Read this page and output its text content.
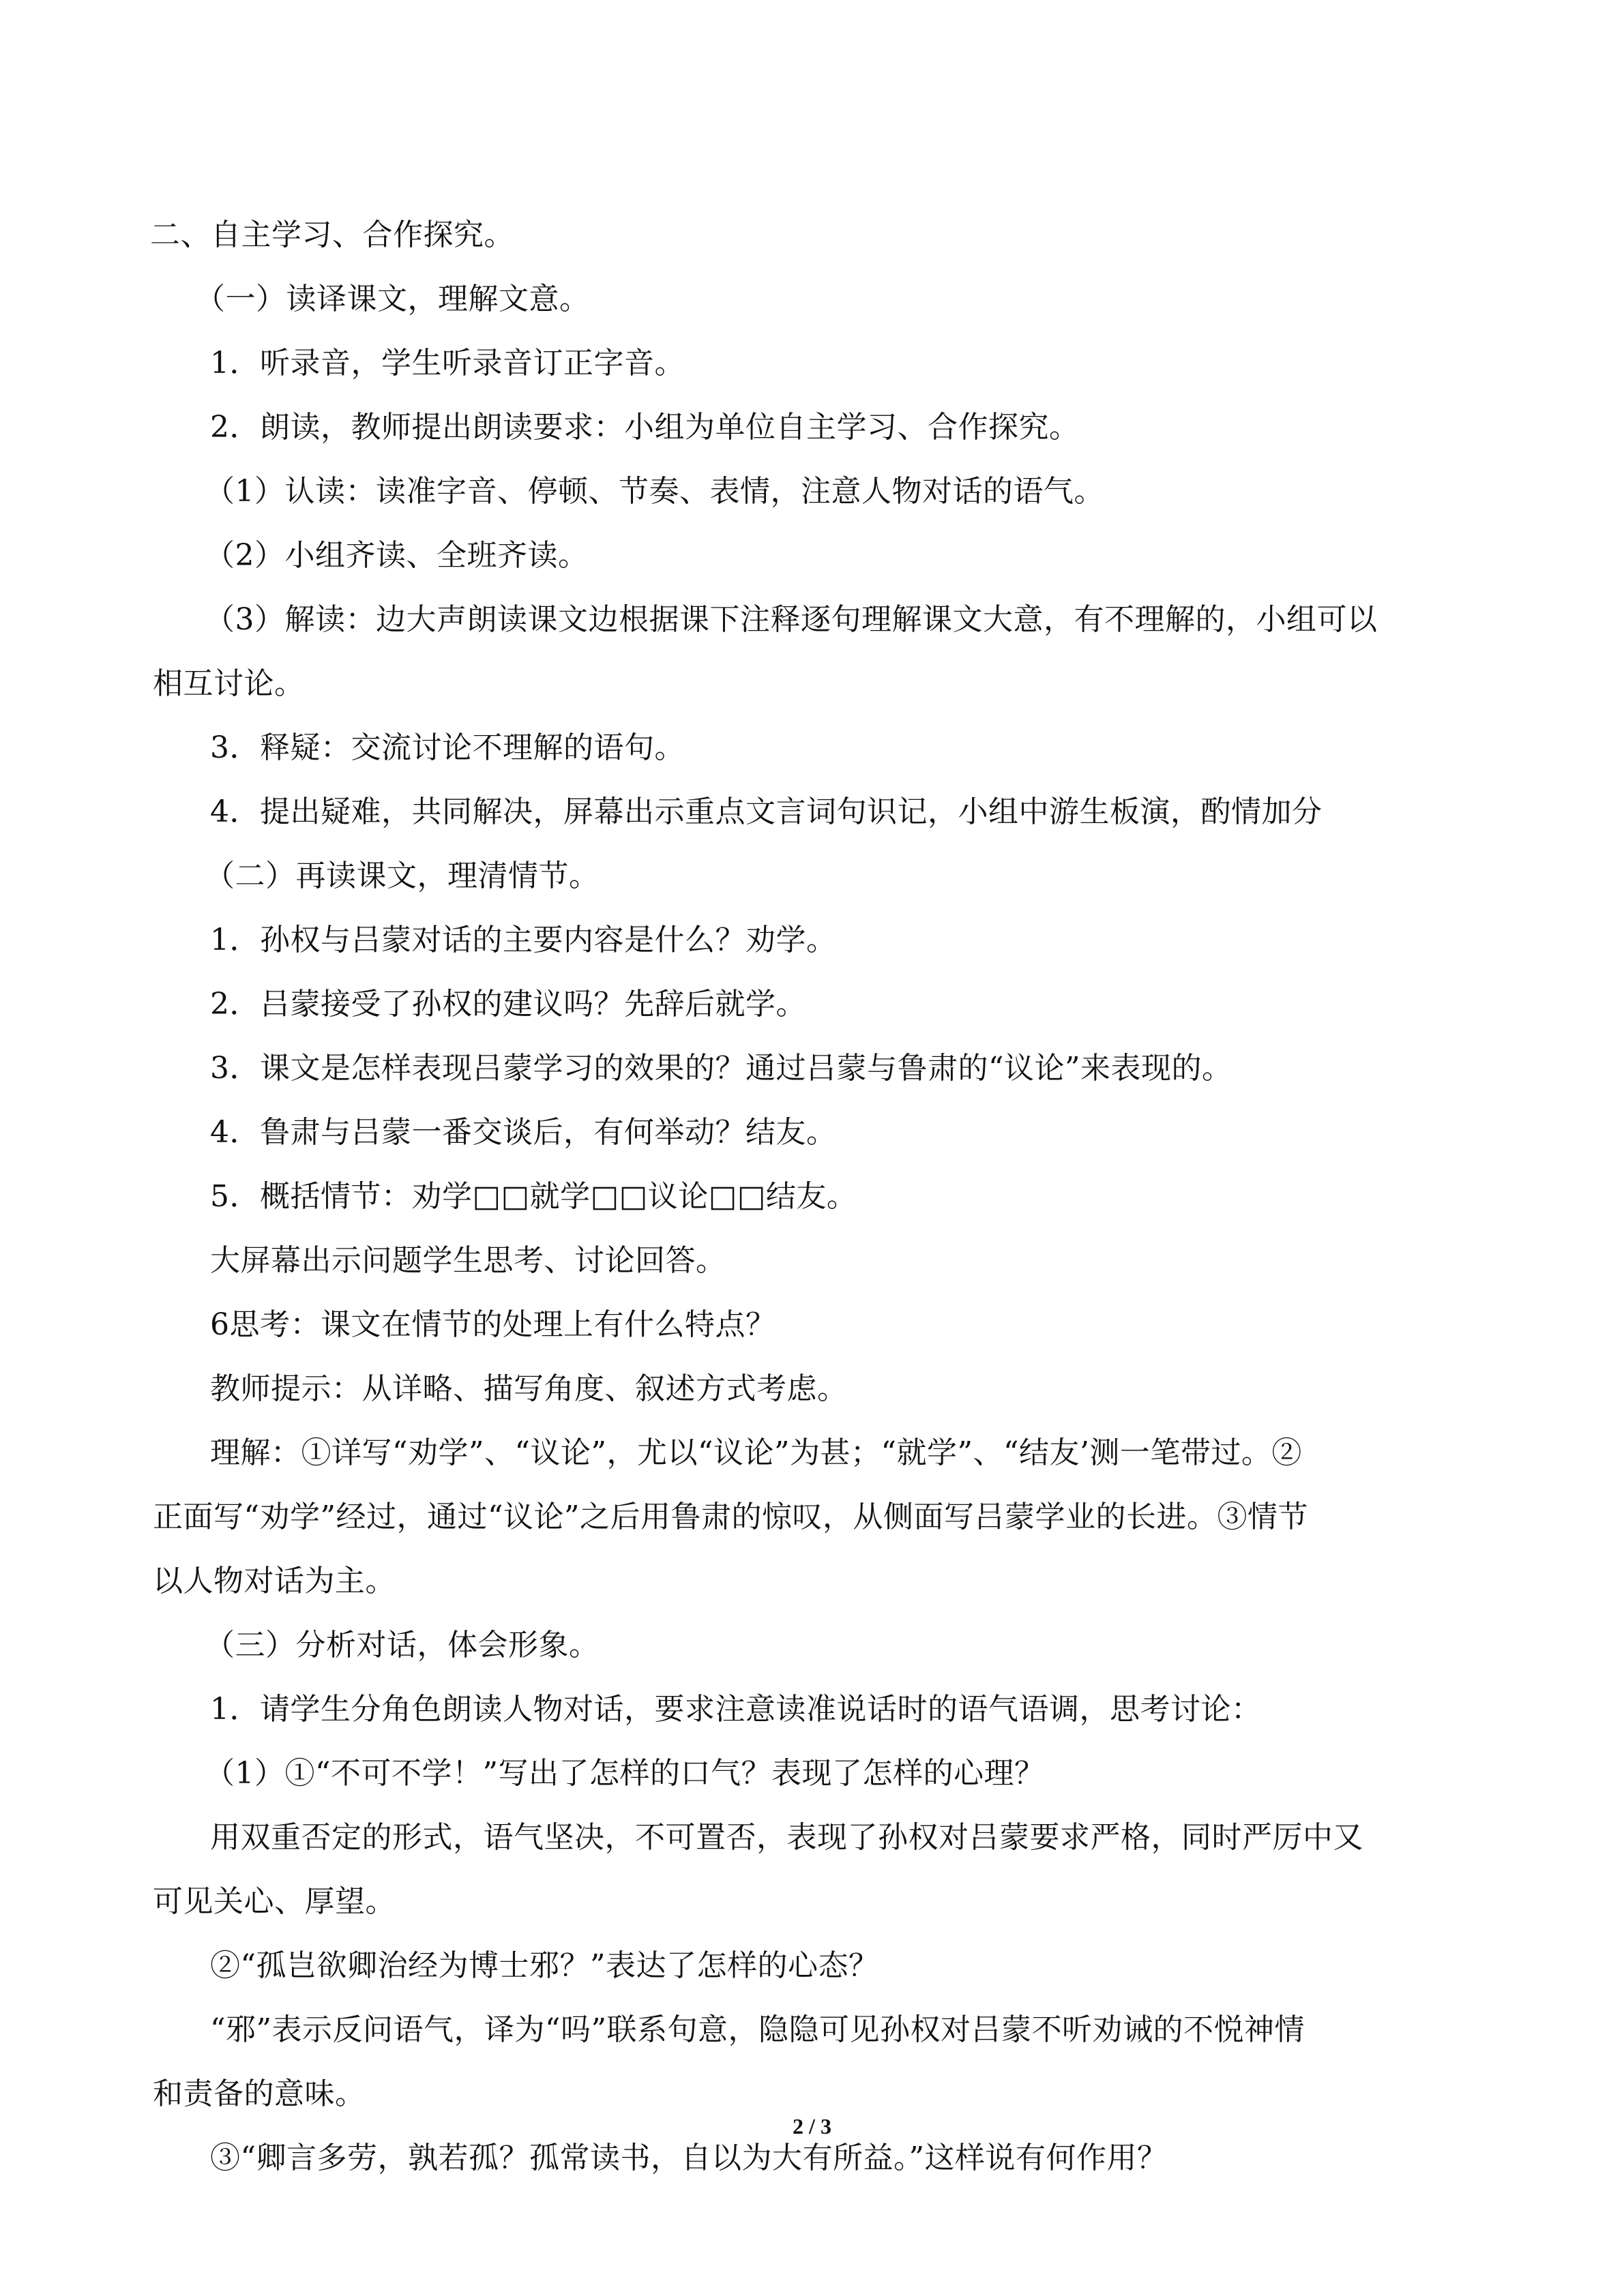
二、自主学习、合作探究。
（一）读译课文，理解文意。
1．听录音，学生听录音订正字音。
2．朗读，教师提出朗读要求：小组为单位自主学习、合作探究。
（1）认读：读准字音、停顿、节奏、表情，注意人物对话的语气。
（2）小组齐读、全班齐读。
（3）解读：边大声朗读课文边根据课下注释逐句理解课文大意，有不理解的，小组可以
相互讨论。
3．释疑：交流讨论不理解的语句。
4．提出疑难，共同解决，屏幕出示重点文言词句识记，小组中游生板演，酌情加分
（二）再读课文，理清情节。
1．孙权与吕蒙对话的主要内容是什么？劝学。
2．吕蒙接受了孙权的建议吗？先辞后就学。
3．课文是怎样表现吕蒙学习的效果的？通过吕蒙与鲁肃的“议论”来表现的。
4．鲁肃与吕蒙一番交谈后，有何举动？结友。
5．概括情节：劝学□□就学□□议论□□结友。
大屏幕出示问题学生思考、讨论回答。
6思考：课文在情节的处理上有什么特点？
教师提示：从详略、描写角度、叙述方式考虑。
理解：①详写“劝学”、“议论”，尤以“议论”为甚；“就学”、“结友’测一笔带过。②
正面写“劝学”经过，通过“议论”之后用鲁肃的惊叹，从侧面写吕蒙学业的长进。③情节
以人物对话为主。
（三）分析对话，体会形象。
1．请学生分角色朗读人物对话，要求注意读准说话时的语气语调，思考讨论：
（1）①“不可不学！”写出了怎样的口气？表现了怎样的心理？
用双重否定的形式，语气坚决，不可置否，表现了孙权对吕蒙要求严格，同时严厉中又
可见关心、厚望。
②“孤岂欲卿治经为博士邪？”表达了怎样的心态？
“邪”表示反问语气，译为“吗”联系句意，隐隐可见孙权对吕蒙不听劝诫的不悦神情
和责备的意味。
③“卿言多劳，孰若孤？孤常读书，自以为大有所益。”这样说有何作用？
2 / 3
